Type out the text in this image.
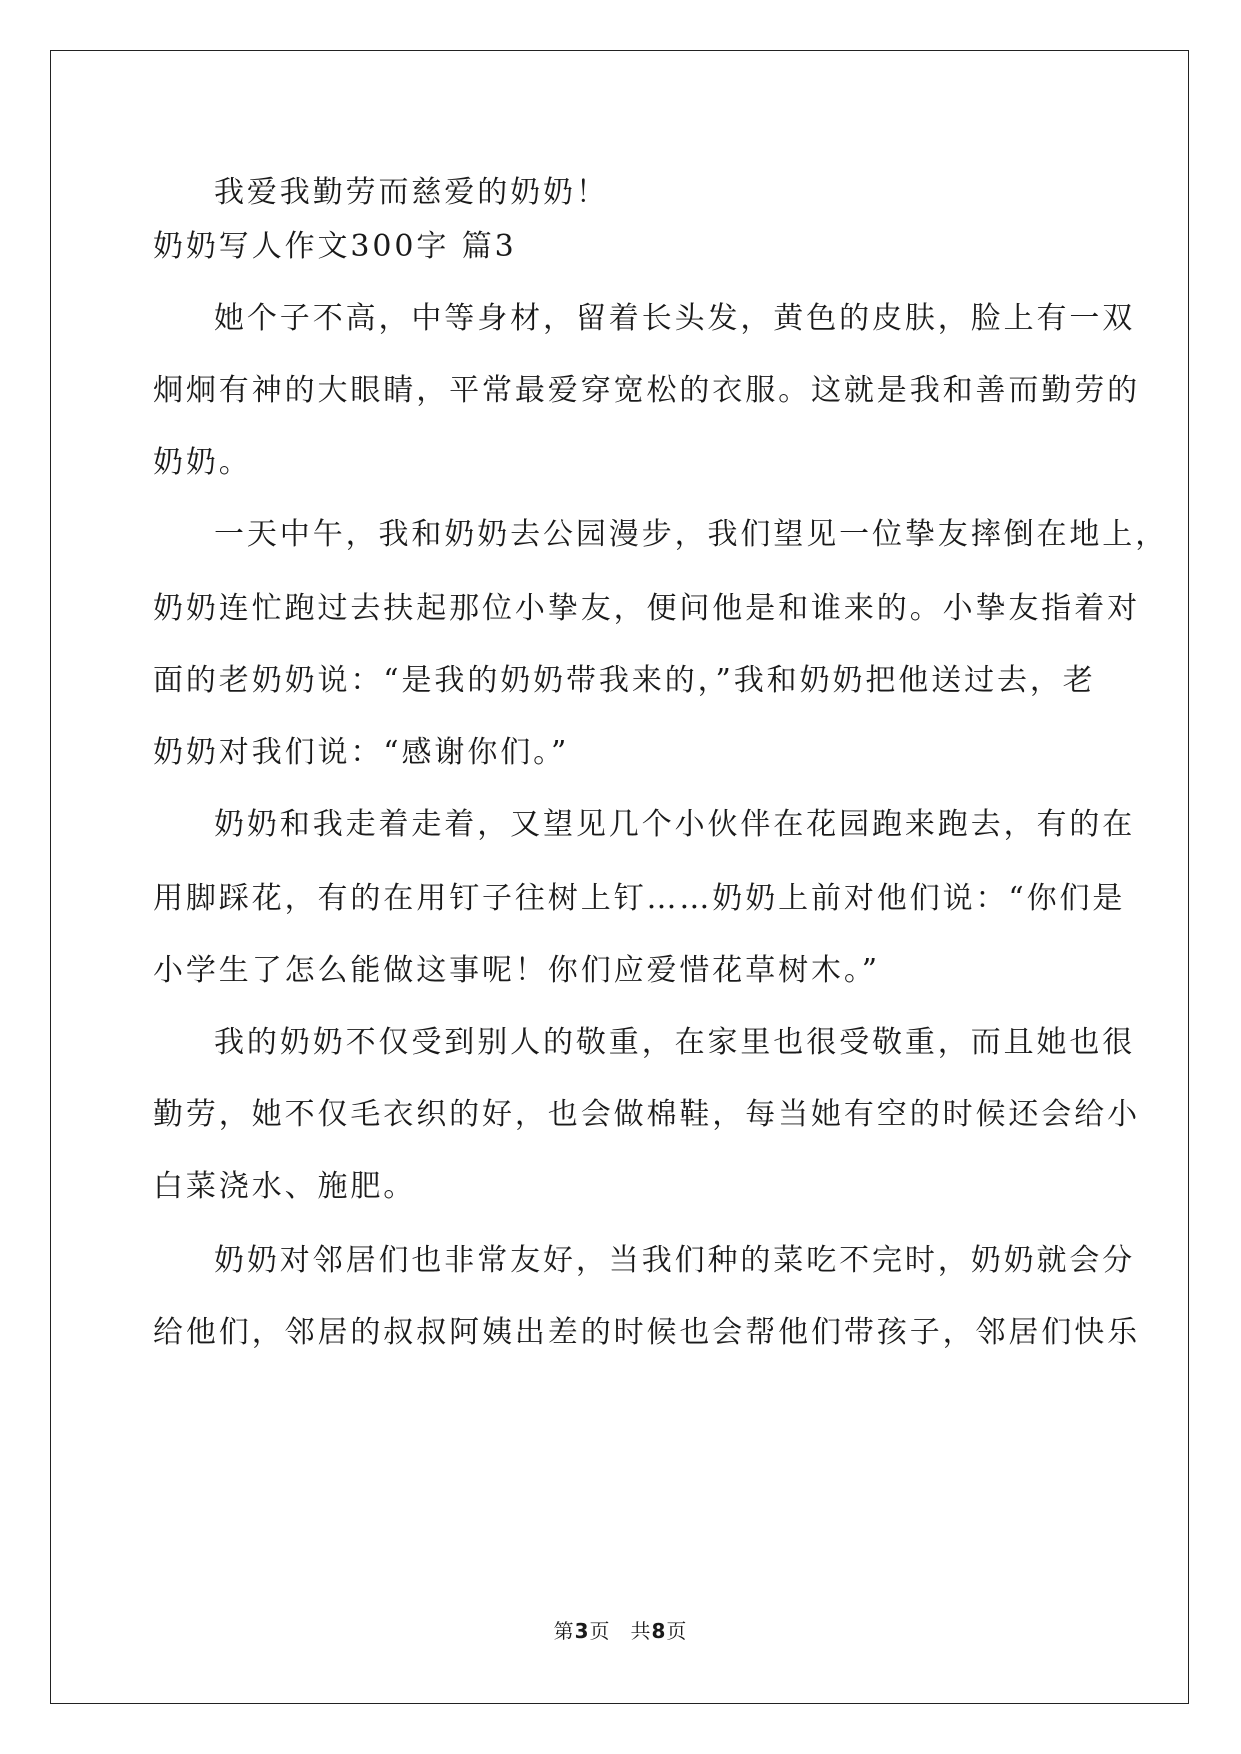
我爱我勤劳而慈爱的奶奶！
奶奶写人作文300字 篇3
她个子不高，中等身材，留着长头发，黄色的皮肤，脸上有一双
炯炯有神的大眼睛，平常最爱穿宽松的衣服。这就是我和善而勤劳的
奶奶。
一天中午，我和奶奶去公园漫步，我们望见一位挚友摔倒在地上，
奶奶连忙跑过去扶起那位小挚友，便问他是和谁来的。小挚友指着对
面的老奶奶说：“是我的奶奶带我来的，”我和奶奶把他送过去，老
奶奶对我们说：“感谢你们。”
奶奶和我走着走着，又望见几个小伙伴在花园跑来跑去，有的在
用脚踩花，有的在用钉子往树上钉……奶奶上前对他们说：“你们是
小学生了怎么能做这事呢！你们应爱惜花草树木。”
我的奶奶不仅受到别人的敬重，在家里也很受敬重，而且她也很
勤劳，她不仅毛衣织的好，也会做棉鞋，每当她有空的时候还会给小
白菜浇水、施肥。
奶奶对邻居们也非常友好，当我们种的菜吃不完时，奶奶就会分
给他们，邻居的叔叔阿姨出差的时候也会帮他们带孩子，邻居们快乐
第3页 共8页
